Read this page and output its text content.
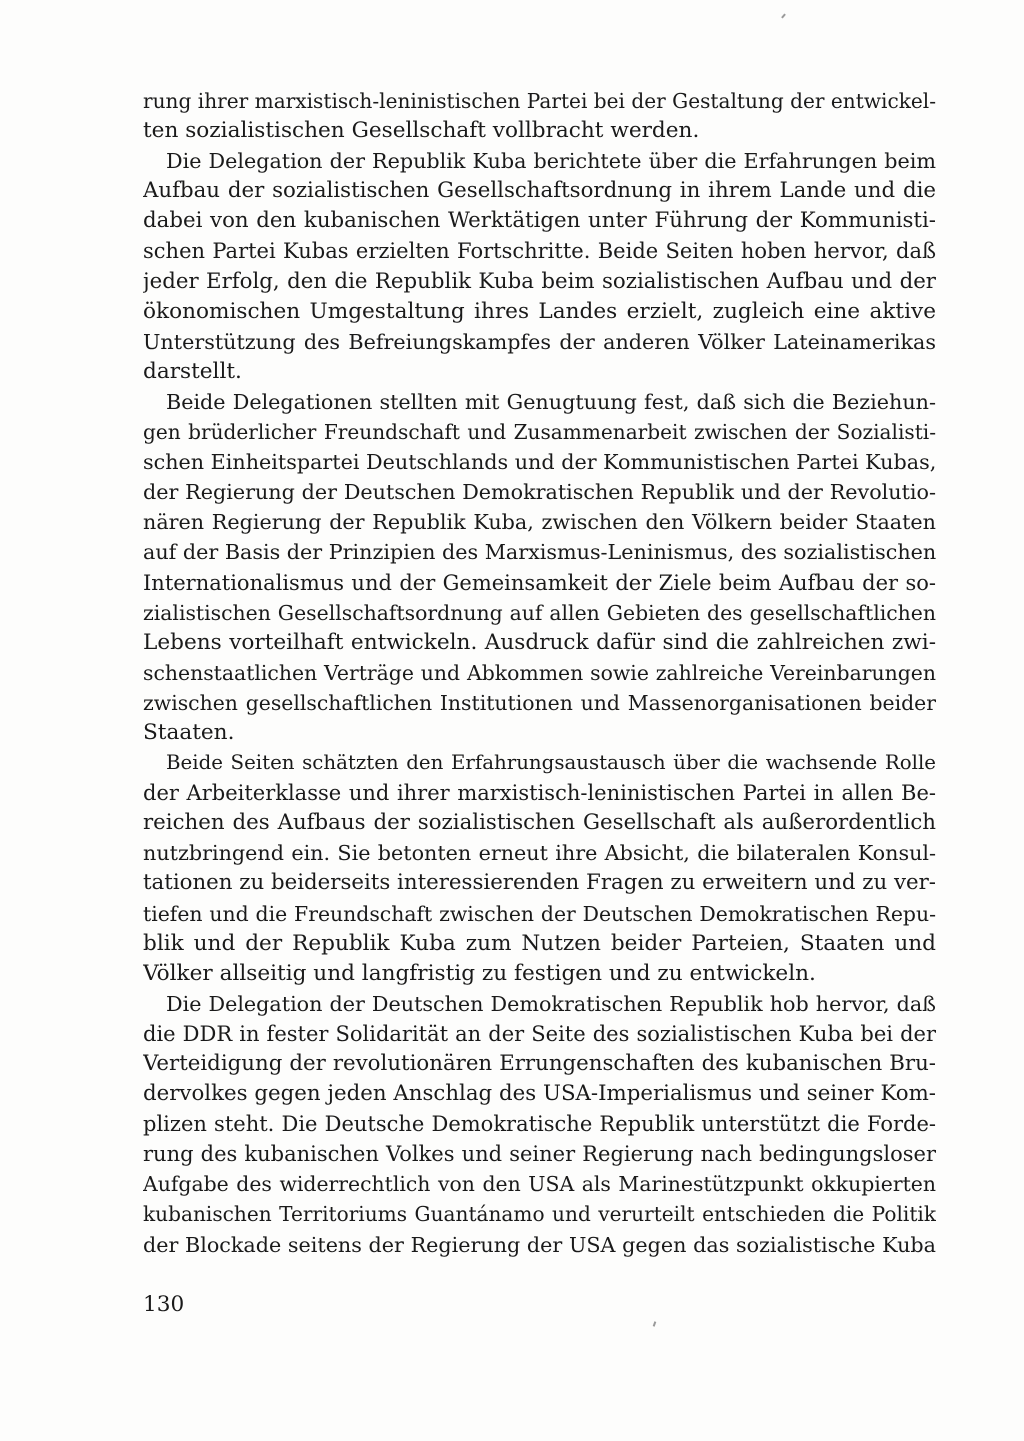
rung ihrer marxistisch-leninistischen Partei bei der Gestaltung der entwickel-
ten sozialistischen Gesellschaft vollbracht werden.
Die Delegation der Republik Kuba berichtete über die Erfahrungen beim
Aufbau der sozialistischen Gesellschaftsordnung in ihrem Lande und die
dabei von den kubanischen Werktätigen unter Führung der Kommunisti-
schen Partei Kubas erzielten Fortschritte. Beide Seiten hoben hervor, daß
jeder Erfolg, den die Republik Kuba beim sozialistischen Aufbau und der
ökonomischen Umgestaltung ihres Landes erzielt, zugleich eine aktive
Unterstützung des Befreiungskampfes der anderen Völker Lateinamerikas
darstellt.
Beide Delegationen stellten mit Genugtuung fest, daß sich die Beziehun-
gen brüderlicher Freundschaft und Zusammenarbeit zwischen der Sozialisti-
schen Einheitspartei Deutschlands und der Kommunistischen Partei Kubas,
der Regierung der Deutschen Demokratischen Republik und der Revolutio-
nären Regierung der Republik Kuba, zwischen den Völkern beider Staaten
auf der Basis der Prinzipien des Marxismus-Leninismus, des sozialistischen
Internationalismus und der Gemeinsamkeit der Ziele beim Aufbau der so-
zialistischen Gesellschaftsordnung auf allen Gebieten des gesellschaftlichen
Lebens vorteilhaft entwickeln. Ausdruck dafür sind die zahlreichen zwi-
schenstaatlichen Verträge und Abkommen sowie zahlreiche Vereinbarungen
zwischen gesellschaftlichen Institutionen und Massenorganisationen beider
Staaten.
Beide Seiten schätzten den Erfahrungsaustausch über die wachsende Rolle
der Arbeiterklasse und ihrer marxistisch-leninistischen Partei in allen Be-
reichen des Aufbaus der sozialistischen Gesellschaft als außerordentlich
nutzbringend ein. Sie betonten erneut ihre Absicht, die bilateralen Konsul-
tationen zu beiderseits interessierenden Fragen zu erweitern und zu ver-
tiefen und die Freundschaft zwischen der Deutschen Demokratischen Repu-
blik und der Republik Kuba zum Nutzen beider Parteien, Staaten und
Völker allseitig und langfristig zu festigen und zu entwickeln.
Die Delegation der Deutschen Demokratischen Republik hob hervor, daß
die DDR in fester Solidarität an der Seite des sozialistischen Kuba bei der
Verteidigung der revolutionären Errungenschaften des kubanischen Bru-
dervolkes gegen jeden Anschlag des USA-Imperialismus und seiner Kom-
plizen steht. Die Deutsche Demokratische Republik unterstützt die Forde-
rung des kubanischen Volkes und seiner Regierung nach bedingungsloser
Aufgabe des widerrechtlich von den USA als Marinestützpunkt okkupierten
kubanischen Territoriums Guantánamo und verurteilt entschieden die Politik
der Blockade seitens der Regierung der USA gegen das sozialistische Kuba
130
